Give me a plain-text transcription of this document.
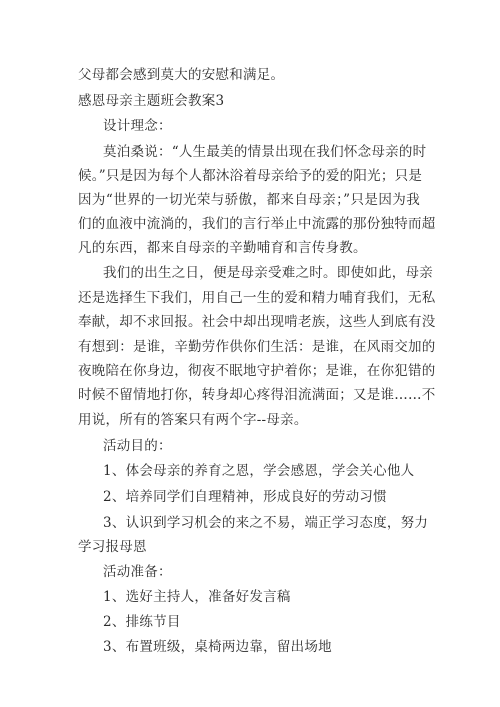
父母都会感到莫大的安慰和满足。
感恩母亲主题班会教案3
设计理念：
莫泊桑说：“人生最美的情景出现在我们怀念母亲的时
候。”只是因为每个人都沐浴着母亲给予的爱的阳光；只是
因为“世界的一切光荣与骄傲，都来自母亲；”只是因为我
们的血液中流淌的，我们的言行举止中流露的那份独特而超
凡的东西，都来自母亲的辛勤哺育和言传身教。
我们的出生之日，便是母亲受难之时。即使如此，母亲
还是选择生下我们，用自己一生的爱和精力哺育我们，无私
奉献，却不求回报。社会中却出现啃老族，这些人到底有没
有想到：是谁，辛勤劳作供你们生活：是谁，在风雨交加的
夜晚陪在你身边，彻夜不眠地守护着你；是谁，在你犯错的
时候不留情地打你，转身却心疼得泪流满面；又是谁……不
用说，所有的答案只有两个字--母亲。
活动目的：
1、体会母亲的养育之恩，学会感恩，学会关心他人
2、培养同学们自理精神，形成良好的劳动习惯
3、认识到学习机会的来之不易，端正学习态度，努力
学习报母恩
活动准备：
1、选好主持人，准备好发言稿
2、排练节目
3、布置班级，桌椅两边靠，留出场地
